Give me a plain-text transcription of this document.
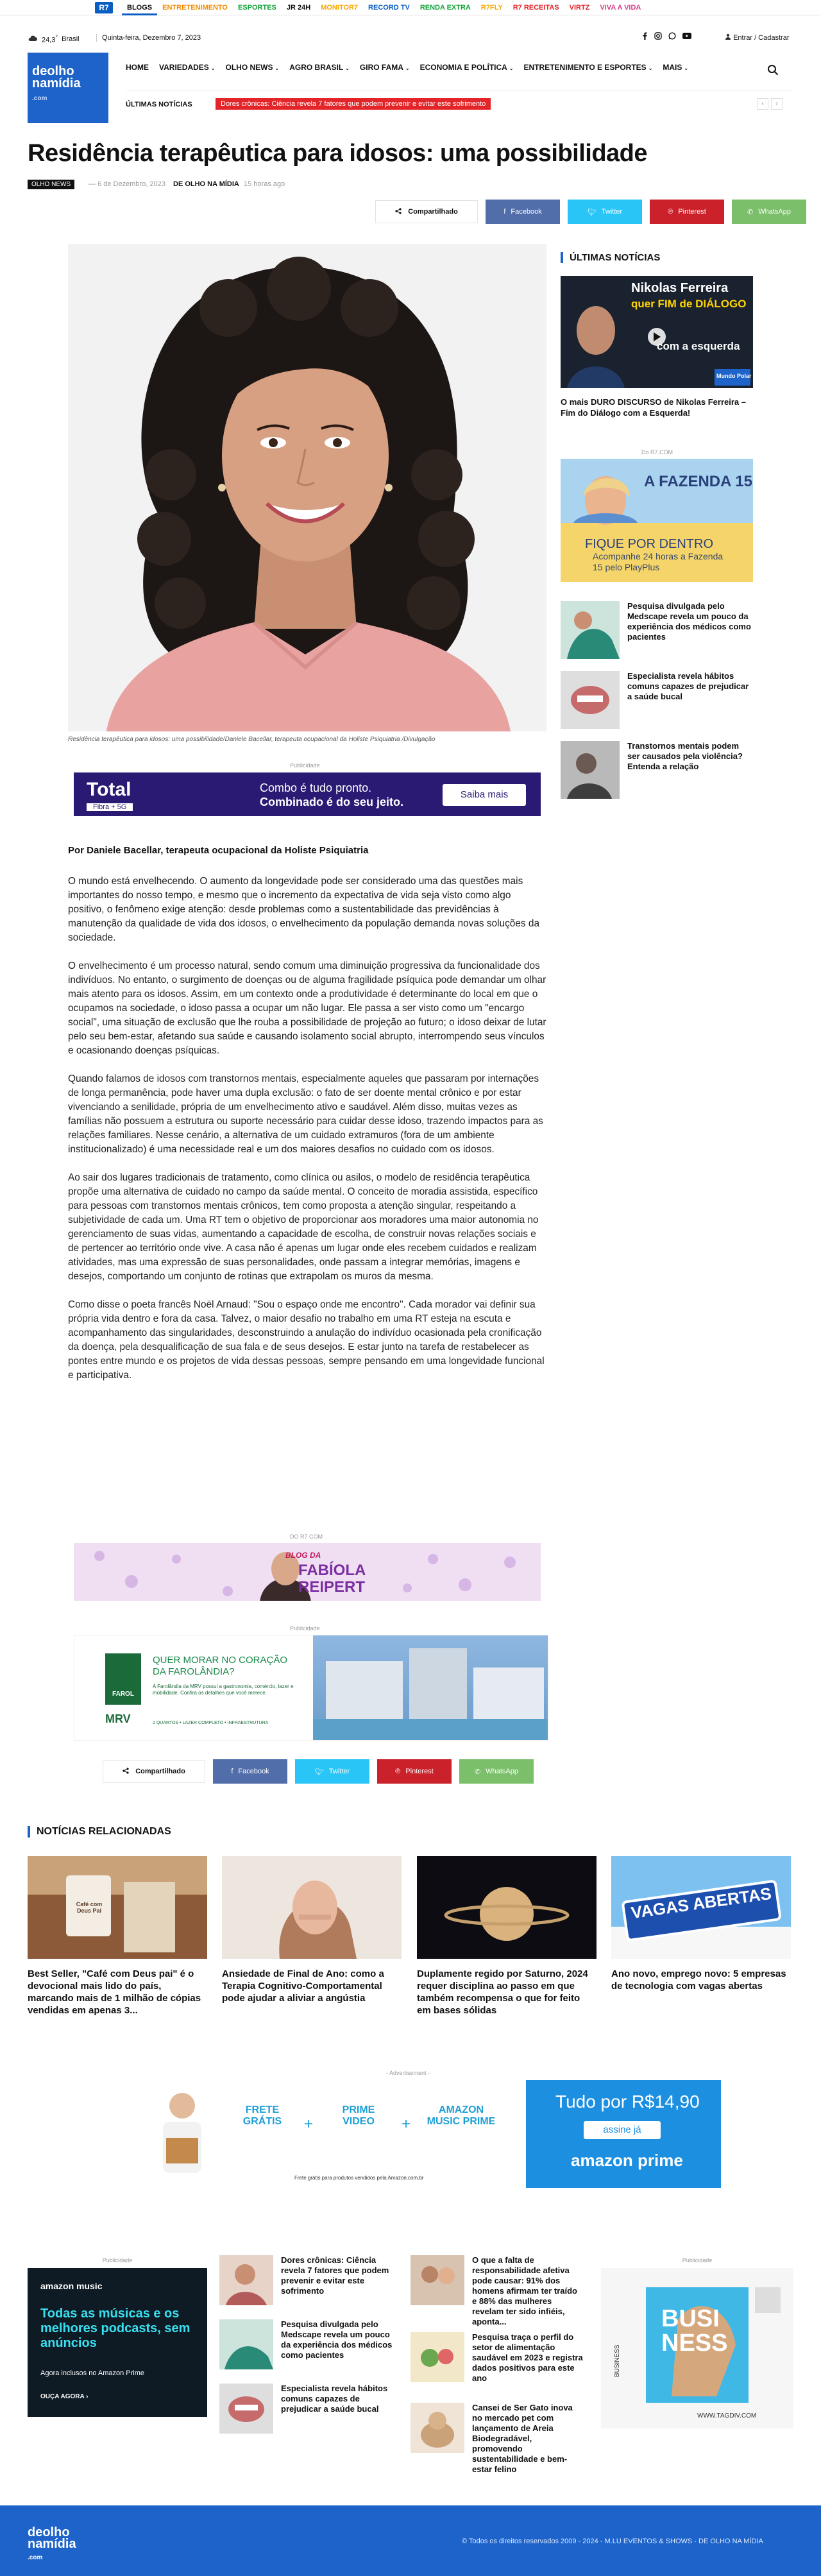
R7	BLOGS	ENTRETENIMENTO	ESPORTES	JR 24H	MONITOR7	RECORD TV	RENDA EXTRA	R7FLY	R7 RECEITAS	VIRTZ	VIVA A VIDA
24,3° Brasil	Quinta-feira, Dezembro 7, 2023	Entrar / Cadastrar
deolho
namídia
.com
HOME VARIEDADES ⌄ OLHO NEWS ⌄ AGRO BRASIL ⌄ GIRO FAMA ⌄ ECONOMIA E POLÍTICA ⌄ ENTRETENIMENTO E ESPORTES ⌄ MAIS ⌄
ÚLTIMAS NOTÍCIAS	Dores crônicas: Ciência revela 7 fatores que podem prevenir e evitar este sofrimento	‹	›
Residência terapêutica para idosos: uma possibilidade
OLHO NEWS	— 6 de Dezembro, 2023 DE OLHO NA MÍDIA 15 horas ago
Compartilhado	f Facebook	🐦︎ Twitter	℗ Pinterest	✆ WhatsApp
Residência terapêutica para idosos: uma possibilidade/Daniele Bacellar, terapeuta ocupacional da Holiste Psiquiatria /Divulgação
Publicidade
Total
Fibra + 5G
Combo é tudo pronto.
Combinado é do seu jeito.
Saiba mais
Por Daniele Bacellar, terapeuta ocupacional da Holiste Psiquiatria

O mundo está envelhecendo. O aumento da longevidade pode ser considerado uma das questões mais importantes do nosso tempo, e mesmo que o incremento da expectativa de vida seja visto como algo positivo, o fenômeno exige atenção: desde problemas como a sustentabilidade das previdências à manutenção da qualidade de vida dos idosos, o envelhecimento da população demanda novas soluções da sociedade.

O envelhecimento é um processo natural, sendo comum uma diminuição progressiva da funcionalidade dos indivíduos. No entanto, o surgimento de doenças ou de alguma fragilidade psíquica pode demandar um olhar mais atento para os idosos. Assim, em um contexto onde a produtividade é determinante do local em que o ocupamos na sociedade, o idoso passa a ocupar um não lugar. Ele passa a ser visto como um "encargo social", uma situação de exclusão que lhe rouba a possibilidade de projeção ao futuro; o idoso deixar de lutar pelo seu bem-estar, afetando sua saúde e causando isolamento social abrupto, interrompendo seus vínculos e ocasionando doenças psíquicas.

Quando falamos de idosos com transtornos mentais, especialmente aqueles que passaram por internações de longa permanência, pode haver uma dupla exclusão: o fato de ser doente mental crônico e por estar vivenciando a senilidade, própria de um envelhecimento ativo e saudável. Além disso, muitas vezes as famílias não possuem a estrutura ou suporte necessário para cuidar desse idoso, trazendo impactos para as relações familiares. Nesse cenário, a alternativa de um cuidado extramuros (fora de um ambiente institucionalizado) é uma necessidade real e um dos maiores desafios no cuidado com os idosos.

Ao sair dos lugares tradicionais de tratamento, como clínica ou asilos, o modelo de residência terapêutica propõe uma alternativa de cuidado no campo da saúde mental. O conceito de moradia assistida, específico para pessoas com transtornos mentais crônicos, tem como proposta a atenção singular, respeitando a subjetividade de cada um. Uma RT tem o objetivo de proporcionar aos moradores uma maior autonomia no gerenciamento de suas vidas, aumentando a capacidade de escolha, de construir novas relações sociais e de pertencer ao território onde vive. A casa não é apenas um lugar onde eles recebem cuidados e realizam atividades, mas uma expressão de suas personalidades, onde passam a integrar memórias, imagens e desejos, comportando um conjunto de rotinas que extrapolam os muros da mesma.

Como disse o poeta francês Noël Arnaud: "Sou o espaço onde me encontro". Cada morador vai definir sua própria vida dentro e fora da casa. Talvez, o maior desafio no trabalho em uma RT esteja na escuta e acompanhamento das singularidades, desconstruindo a anulação do indivíduo ocasionada pela cronificação da doença, pela desqualificação de sua fala e de seus desejos. E estar junto na tarefa de restabelecer as pontes entre mundo e os projetos de vida dessas pessoas, sempre pensando em uma longevidade funcional e participativa.

DO R7.COM
BLOG DA
FABÍOLA
REIPERT
Publicidade
FAROL
MRV
QUER MORAR NO CORAÇÃO
DA FAROLÂNDIA?
A Farolândia da MRV possui a gastronomia, comércio, lazer e mobilidade. Confira os detalhes que você merece.
2 QUARTOS • LAZER COMPLETO • INFRAESTRUTURA
Compartilhado	f Facebook	🐦︎ Twitter	℗ Pinterest	✆ WhatsApp
ÚLTIMAS NOTÍCIAS
Nikolas Ferreira
quer FIM de DIÁLOGO
com a esquerda
Mundo Polar
O mais DURO DISCURSO de Nikolas Ferreira – Fim do Diálogo com a Esquerda!
Do R7.COM
A FAZENDA 15
FIQUE POR DENTRO
Acompanhe 24 horas a Fazenda 15 pelo PlayPlus
Pesquisa divulgada pelo Medscape revela um pouco da experiência dos médicos como pacientes
Especialista revela hábitos comuns capazes de prejudicar a saúde bucal
Transtornos mentais podem ser causados pela violência? Entenda a relação
NOTÍCIAS RELACIONADAS
Café com Deus Pai
Best Seller, "Café com Deus pai" é o devocional mais lido do país, marcando mais de 1 milhão de cópias vendidas em apenas 3...
Ansiedade de Final de Ano: como a Terapia Cognitivo-Comportamental pode ajudar a aliviar a angústia
Duplamente regido por Saturno, 2024 requer disciplina ao passo em que também recompensa o que for feito em bases sólidas
VAGAS ABERTAS
Ano novo, emprego novo: 5 empresas de tecnologia com vagas abertas
- Advertisement -
FRETE GRÁTIS	+
PRIME VIDEO	+
AMAZON MUSIC PRIME
Frete grátis para produtos vendidos pela Amazon.com.br
Tudo por R$14,90
assine já
amazon prime
Publicidade
amazon music
Todas as músicas e os melhores podcasts, sem anúncios
Agora inclusos no Amazon Prime
OUÇA AGORA ›
Dores crônicas: Ciência revela 7 fatores que podem prevenir e evitar este sofrimento
Pesquisa divulgada pelo Medscape revela um pouco da experiência dos médicos como pacientes
Especialista revela hábitos comuns capazes de prejudicar a saúde bucal
O que a falta de responsabilidade afetiva pode causar: 91% dos homens afirmam ter traído e 88% das mulheres revelam ter sido infiéis, aponta...
Pesquisa traça o perfil do setor de alimentação saudável em 2023 e registra dados positivos para este ano
Cansei de Ser Gato inova no mercado pet com lançamento de Areia Biodegradável, promovendo sustentabilidade e bem-estar felino
Publicidade
BUSI
NESS
BUSINESS
WWW.TAGDIV.COM
deolho
namídia
.com
© Todos os direitos reservados 2009 - 2024 - M.LU EVENTOS & SHOWS - DE OLHO NA MÍDIA
